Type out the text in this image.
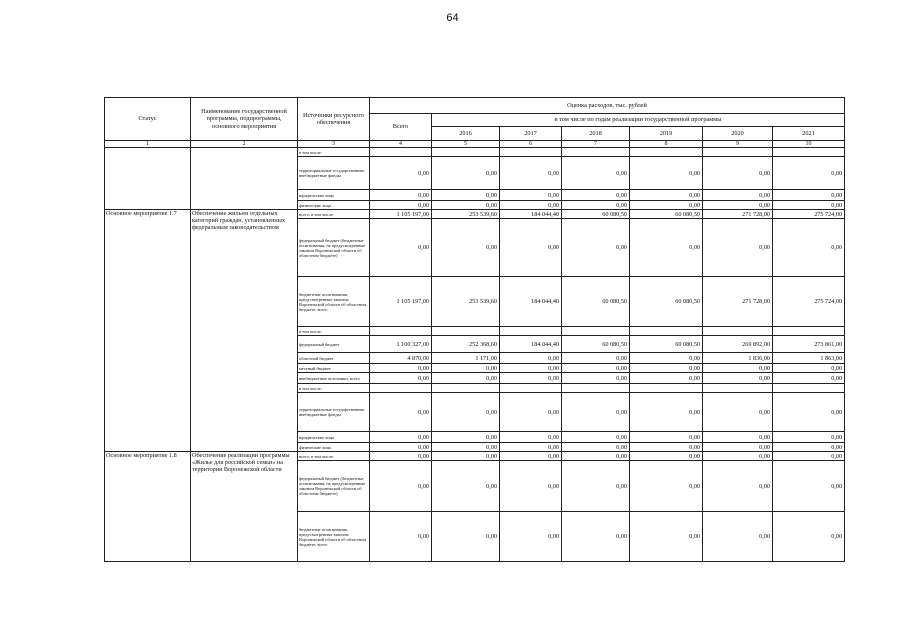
64
Статус	Наименование государственной программы, подпрограммы, основного мероприятия	Источники ресурсного обеспечения	Оценка расходов, тыс. рублей						
			Всего	в том числе по годам реализации государственной программы					
				2016	2017	2018	2019	2020	2021
1	2	3	4	5	6	7	8	9	10
		в том числе:							
		территориальные государственные внебюджетные фонды	0,00	0,00	0,00	0,00	0,00	0,00	0,00
		юридические лица	0,00	0,00	0,00	0,00	0,00	0,00	0,00
		физические лица	0,00	0,00	0,00	0,00	0,00	0,00	0,00
Основное мероприятие 1.7	Обеспечение жильем отдельных категорий граждан, установленных федеральным законодательством	всего, в том числе:	1 105 197,00	253 539,60	184 044,40	60 080,50	60 080,50	271 728,00	275 724,00
		федеральный бюджет (бюджетные ассигнования, не предусмотренные законом Воронежской области об областном бюджете)	0,00	0,00	0,00	0,00	0,00	0,00	0,00
		бюджетные ассигнования, предусмотренные законом Воронежской области об областном бюджете, всего	1 105 197,00	253 539,60	184 044,40	60 080,50	60 080,50	271 728,00	275 724,00
		в том числе:							
		федеральный бюджет	1 100 327,00	252 368,60	184 044,40	60 080,50	60 080,50	269 892,00	273 861,00
		областной бюджет	4 870,00	1 171,00	0,00	0,00	0,00	1 836,00	1 863,00
		местный бюджет	0,00	0,00	0,00	0,00	0,00	0,00	0,00
		внебюджетные источники, всего	0,00	0,00	0,00	0,00	0,00	0,00	0,00
		в том числе:							
		территориальные государственные внебюджетные фонды	0,00	0,00	0,00	0,00	0,00	0,00	0,00
		юридические лица	0,00	0,00	0,00	0,00	0,00	0,00	0,00
		физические лица	0,00	0,00	0,00	0,00	0,00	0,00	0,00
Основное мероприятие 1.8	Обеспечение реализации программы «Жилье для российской семьи» на территории Воронежской области	всего, в том числе:	0,00	0,00	0,00	0,00	0,00	0,00	0,00
		федеральный бюджет (бюджетные ассигнования, не предусмотренные законом Воронежской области об областном бюджете)	0,00	0,00	0,00	0,00	0,00	0,00	0,00
		бюджетные ассигнования, предусмотренные законом Воронежской области об областном бюджете, всего	0,00	0,00	0,00	0,00	0,00	0,00	0,00
